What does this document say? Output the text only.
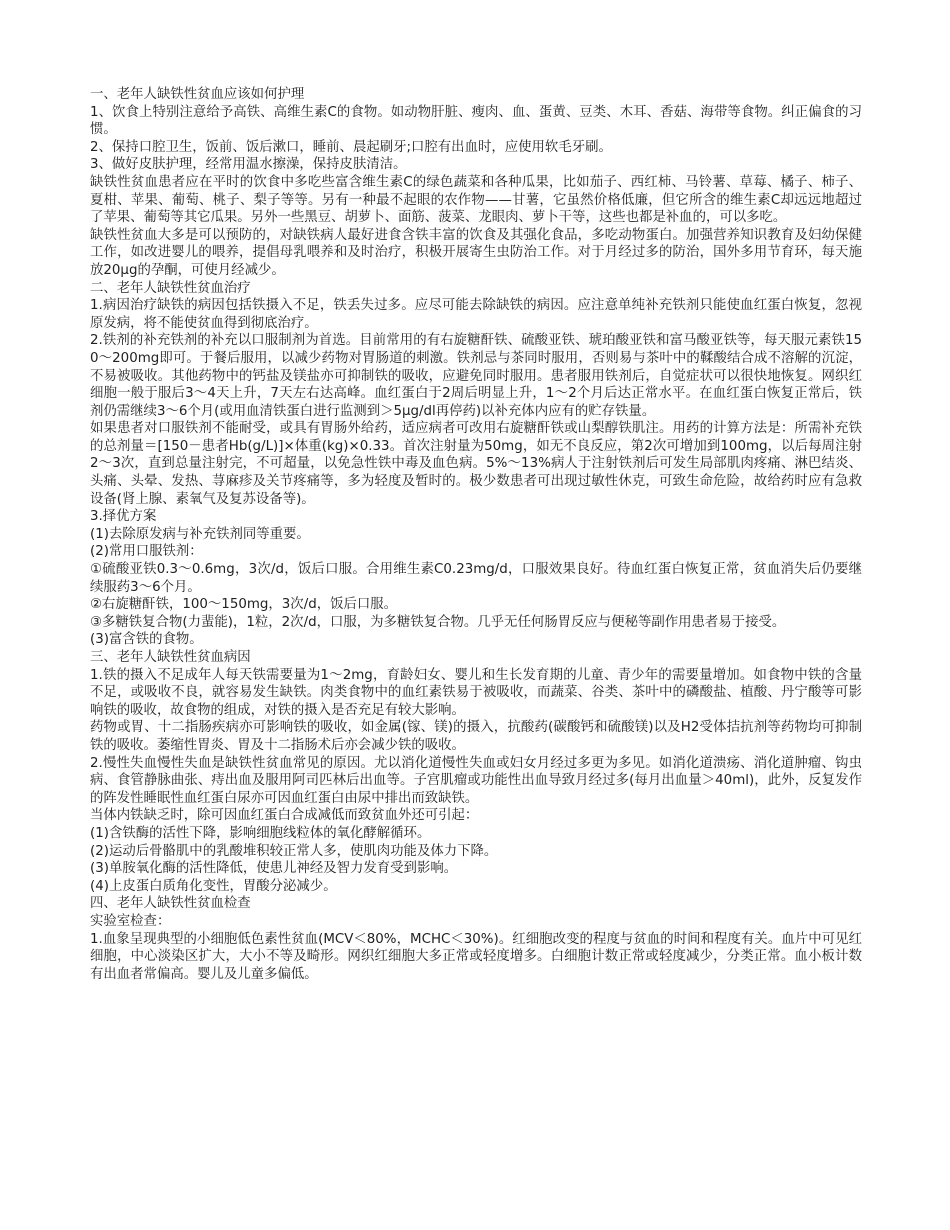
一、老年人缺铁性贫血应该如何护理

1、饮食上特别注意给予高铁、高维生素C的食物。如动物肝脏、瘦肉、血、蛋黄、豆类、木耳、香菇、海带等食物。纠正偏食的习惯。

2、保持口腔卫生，饭前、饭后漱口，睡前、晨起刷牙;口腔有出血时，应使用软毛牙刷。

3、做好皮肤护理，经常用温水擦澡，保持皮肤清洁。

缺铁性贫血患者应在平时的饮食中多吃些富含维生素C的绿色蔬菜和各种瓜果，比如茄子、西红柿、马铃薯、草莓、橘子、柿子、夏柑、苹果、葡萄、桃子、梨子等等。另有一种最不起眼的农作物——甘薯，它虽然价格低廉，但它所含的维生素C却远远地超过了苹果、葡萄等其它瓜果。另外一些黑豆、胡萝卜、面筋、菠菜、龙眼肉、萝卜干等，这些也都是补血的，可以多吃。

缺铁性贫血大多是可以预防的，对缺铁病人最好进食含铁丰富的饮食及其强化食品，多吃动物蛋白。加强营养知识教育及妇幼保健工作，如改进婴儿的喂养，提倡母乳喂养和及时治疗，积极开展寄生虫防治工作。对于月经过多的防治，国外多用节育环，每天施放20μg的孕酮，可使月经减少。

二、老年人缺铁性贫血治疗

1.病因治疗缺铁的病因包括铁摄入不足，铁丢失过多。应尽可能去除缺铁的病因。应注意单纯补充铁剂只能使血红蛋白恢复，忽视原发病，将不能使贫血得到彻底治疗。

2.铁剂的补充铁剂的补充以口服制剂为首选。目前常用的有右旋糖酐铁、硫酸亚铁、琥珀酸亚铁和富马酸亚铁等，每天服元素铁150～200mg即可。于餐后服用，以减少药物对胃肠道的刺激。铁剂忌与茶同时服用，否则易与茶叶中的鞣酸结合成不溶解的沉淀，不易被吸收。其他药物中的钙盐及镁盐亦可抑制铁的吸收，应避免同时服用。患者服用铁剂后，自觉症状可以很快地恢复。网织红细胞一般于服后3～4天上升，7天左右达高峰。血红蛋白于2周后明显上升，1～2个月后达正常水平。在血红蛋白恢复正常后，铁剂仍需继续3～6个月(或用血清铁蛋白进行监测到＞5μg/dl再停药)以补充体内应有的贮存铁量。

如果患者对口服铁剂不能耐受，或具有胃肠外给药，适应病者可改用右旋糖酐铁或山梨醇铁肌注。用药的计算方法是：所需补充铁的总剂量＝[150－患者Hb(g/L)]×体重(kg)×0.33。首次注射量为50mg，如无不良反应，第2次可增加到100mg，以后每周注射2～3次，直到总量注射完，不可超量，以免急性铁中毒及血色病。5%～13%病人于注射铁剂后可发生局部肌肉疼痛、淋巴结炎、头痛、头晕、发热、荨麻疹及关节疼痛等，多为轻度及暂时的。极少数患者可出现过敏性休克，可致生命危险，故给药时应有急救设备(肾上腺、素氧气及复苏设备等)。

3.择优方案

(1)去除原发病与补充铁剂同等重要。

(2)常用口服铁剂：

①硫酸亚铁0.3～0.6mg，3次/d，饭后口服。合用维生素C0.23mg/d，口服效果良好。待血红蛋白恢复正常，贫血消失后仍要继续服药3～6个月。

②右旋糖酐铁，100～150mg，3次/d，饭后口服。

③多糖铁复合物(力蜚能)，1粒，2次/d，口服，为多糖铁复合物。几乎无任何肠胃反应与便秘等副作用患者易于接受。

(3)富含铁的食物。

三、老年人缺铁性贫血病因

1.铁的摄入不足成年人每天铁需要量为1～2mg，育龄妇女、婴儿和生长发育期的儿童、青少年的需要量增加。如食物中铁的含量不足，或吸收不良，就容易发生缺铁。肉类食物中的血红素铁易于被吸收，而蔬菜、谷类、茶叶中的磷酸盐、植酸、丹宁酸等可影响铁的吸收，故食物的组成，对铁的摄入是否充足有较大影响。

药物或胃、十二指肠疾病亦可影响铁的吸收，如金属(镓、镁)的摄入，抗酸药(碳酸钙和硫酸镁)以及H2受体拮抗剂等药物均可抑制铁的吸收。萎缩性胃炎、胃及十二指肠术后亦会减少铁的吸收。

2.慢性失血慢性失血是缺铁性贫血常见的原因。尤以消化道慢性失血或妇女月经过多更为多见。如消化道溃疡、消化道肿瘤、钩虫病、食管静脉曲张、痔出血及服用阿司匹林后出血等。子宫肌瘤或功能性出血导致月经过多(每月出血量＞40ml)，此外，反复发作的阵发性睡眠性血红蛋白尿亦可因血红蛋白由尿中排出而致缺铁。

当体内铁缺乏时，除可因血红蛋白合成减低而致贫血外还可引起：

(1)含铁酶的活性下降，影响细胞线粒体的氧化酵解循环。

(2)运动后骨骼肌中的乳酸堆积较正常人多，使肌肉功能及体力下降。

(3)单胺氧化酶的活性降低，使患儿神经及智力发育受到影响。

(4)上皮蛋白质角化变性，胃酸分泌减少。

四、老年人缺铁性贫血检查

实验室检查：

1.血象呈现典型的小细胞低色素性贫血(MCV＜80%，MCHC＜30%)。红细胞改变的程度与贫血的时间和程度有关。血片中可见红细胞，中心淡染区扩大，大小不等及畸形。网织红细胞大多正常或轻度增多。白细胞计数正常或轻度减少，分类正常。血小板计数有出血者常偏高。婴儿及儿童多偏低。
